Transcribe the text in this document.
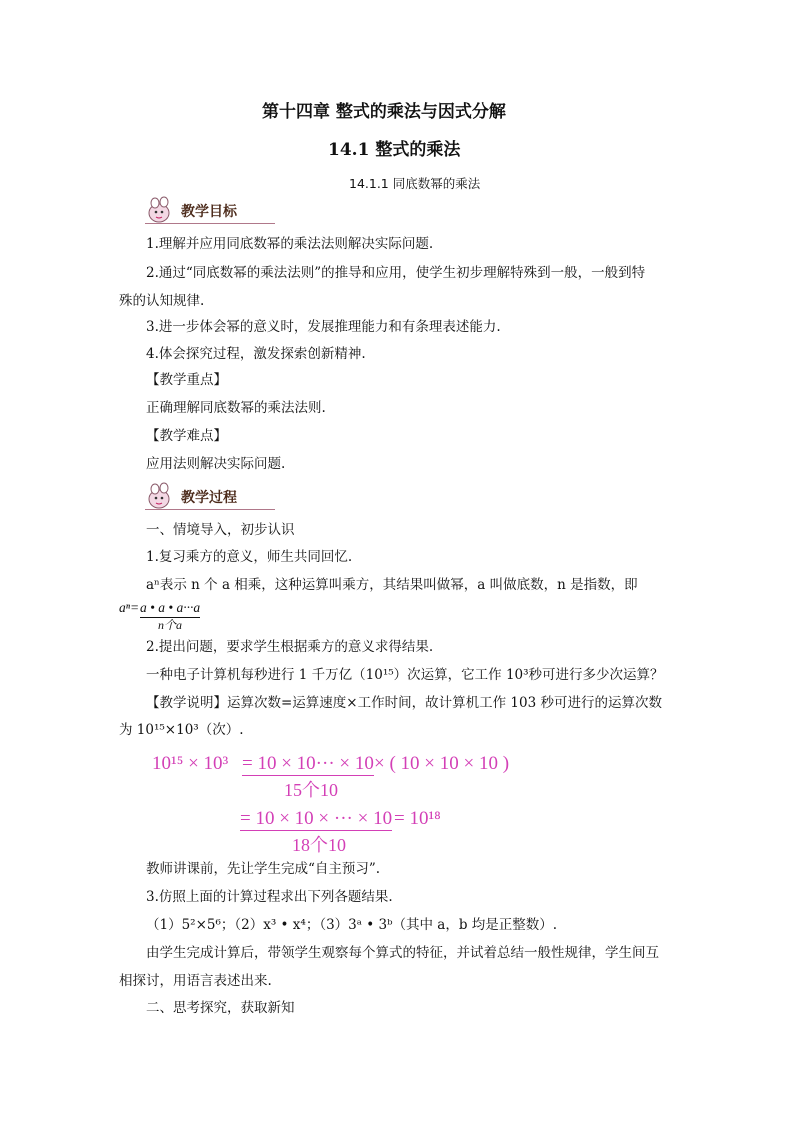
第十四章 整式的乘法与因式分解
14.1 整式的乘法
14.1.1 同底数幂的乘法
教学目标
1.理解并应用同底数幂的乘法法则解决实际问题.
2.通过“同底数幂的乘法法则”的推导和应用，使学生初步理解特殊到一般，一般到特
殊的认知规律.
3.进一步体会幂的意义时，发展推理能力和有条理表述能力.
4.体会探究过程，激发探索创新精神.
【教学重点】
正确理解同底数幂的乘法法则.
【教学难点】
应用法则解决实际问题.
教学过程
一、情境导入，初步认识
1.复习乘方的意义，师生共同回忆.
aⁿ表示 n 个 a 相乘，这种运算叫乘方，其结果叫做幂，a 叫做底数，n 是指数，即
aⁿ= a • a • a···a
n个a
2.提出问题，要求学生根据乘方的意义求得结果.
一种电子计算机每秒进行 1 千万亿（10¹⁵）次运算，它工作 10³秒可进行多少次运算？
【教学说明】运算次数=运算速度×工作时间，故计算机工作 103 秒可进行的运算次数
为 10¹⁵×10³（次）.
10¹⁵ × 10³ = 10 × 10··· × 10 × ( 10 × 10 × 10 )
15个10
= 10 × 10 × ··· × 10 = 10¹⁸
18个10
教师讲课前，先让学生完成“自主预习”.
3.仿照上面的计算过程求出下列各题结果.
（1）5²×5⁶；（2）x³ • x⁴；（3）3ᵃ • 3ᵇ（其中 a，b 均是正整数）.
由学生完成计算后，带领学生观察每个算式的特征，并试着总结一般性规律，学生间互
相探讨，用语言表述出来.
二、思考探究，获取新知
